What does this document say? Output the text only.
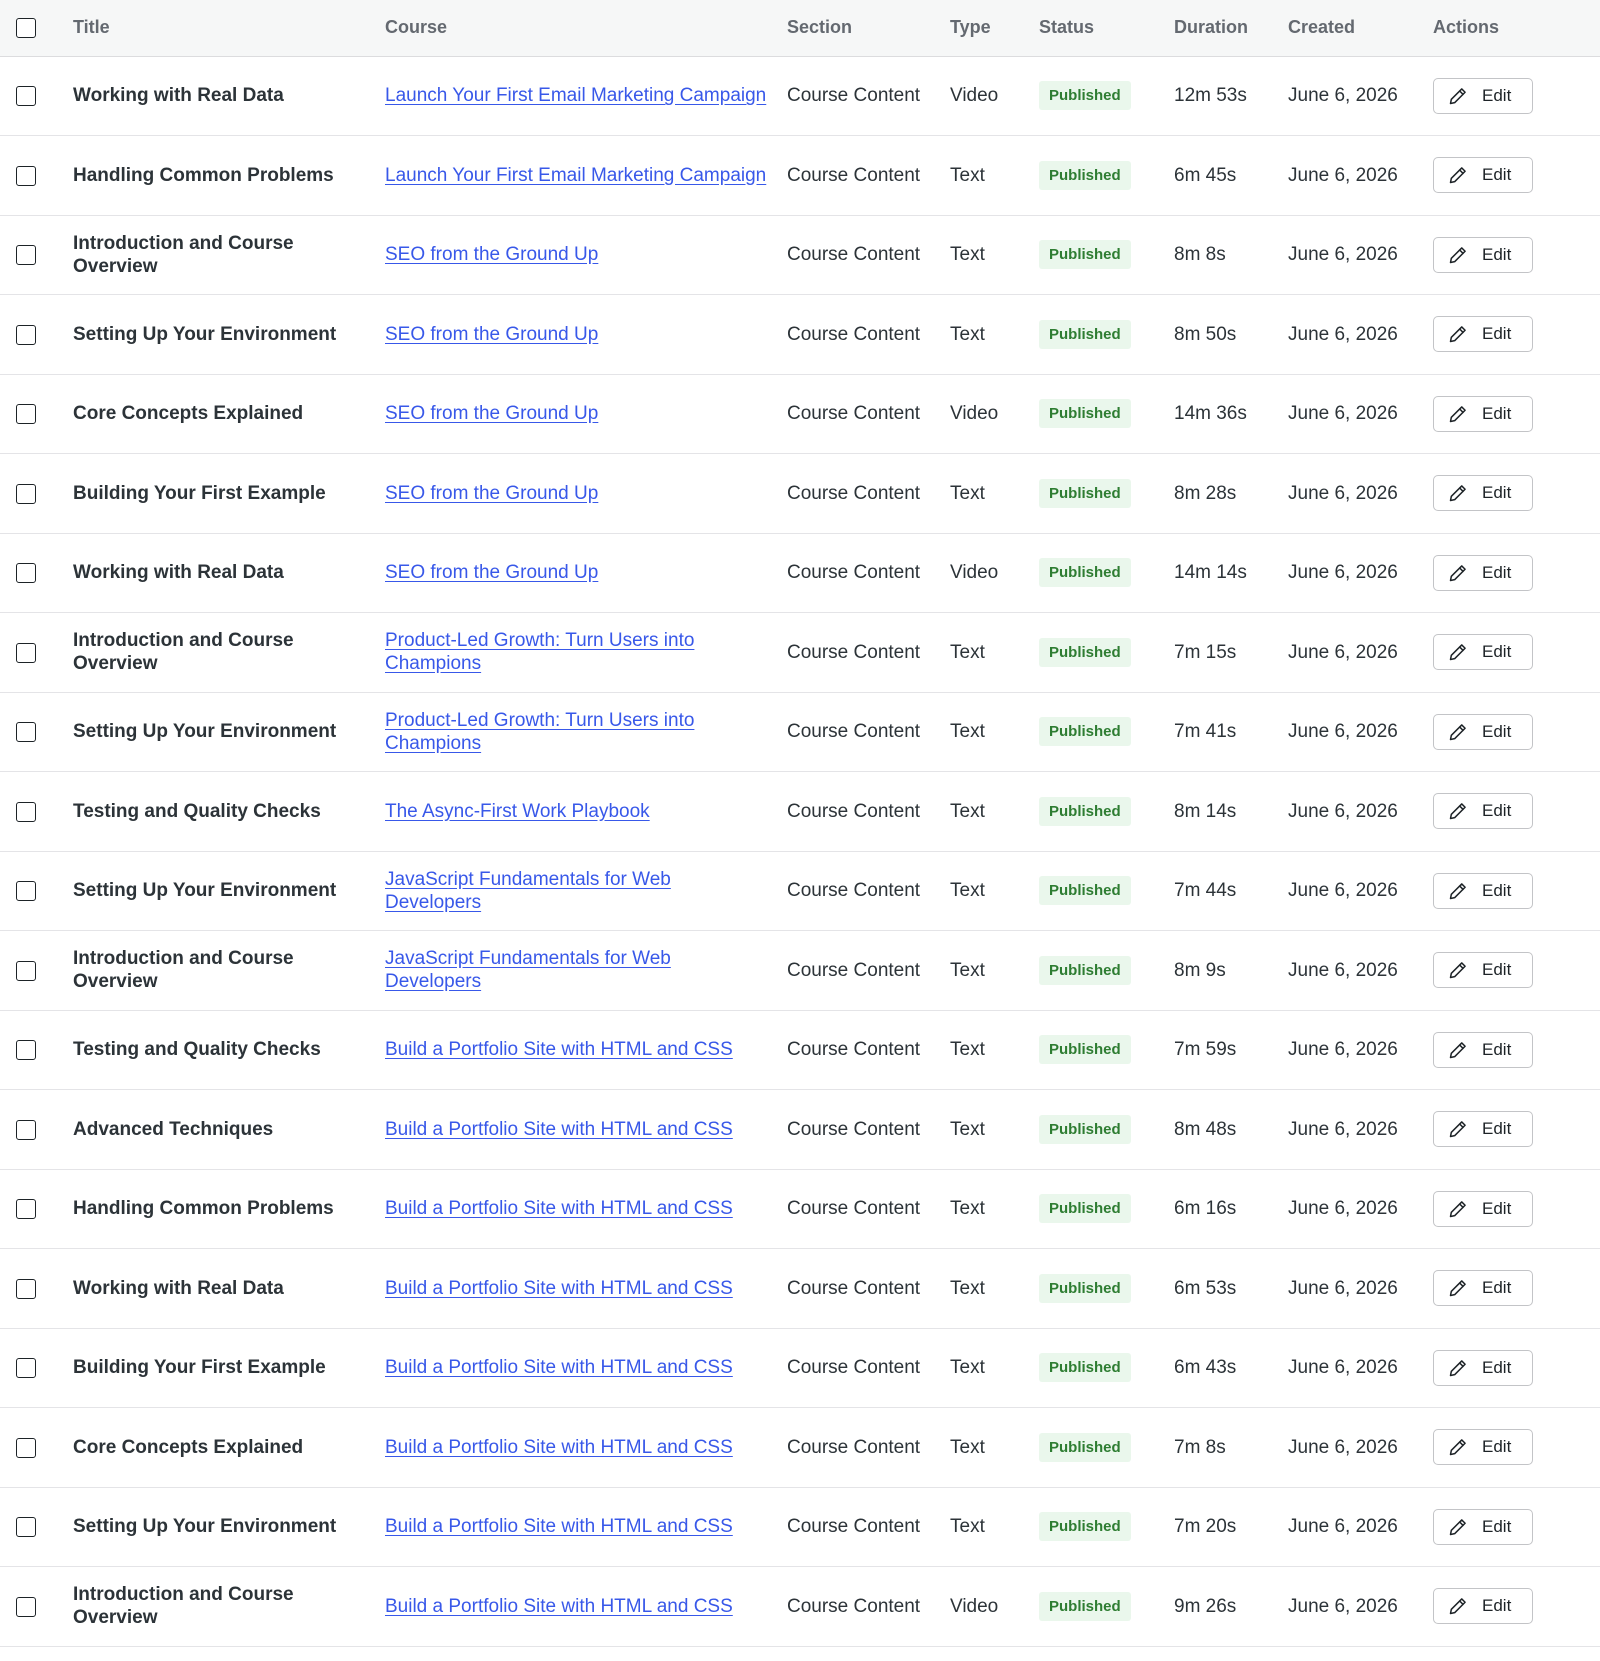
	Title	Course	Section	Type	Status	Duration	Created	Actions
	Working with Real Data	Launch Your First Email Marketing Campaign	Course Content	Video	Published	12m 53s	June 6, 2026	Edit

	Handling Common Problems	Launch Your First Email Marketing Campaign	Course Content	Text	Published	6m 45s	June 6, 2026	Edit

	Introduction and Course Overview	SEO from the Ground Up	Course Content	Text	Published	8m 8s	June 6, 2026	Edit

	Setting Up Your Environment	SEO from the Ground Up	Course Content	Text	Published	8m 50s	June 6, 2026	Edit

	Core Concepts Explained	SEO from the Ground Up	Course Content	Video	Published	14m 36s	June 6, 2026	Edit

	Building Your First Example	SEO from the Ground Up	Course Content	Text	Published	8m 28s	June 6, 2026	Edit

	Working with Real Data	SEO from the Ground Up	Course Content	Video	Published	14m 14s	June 6, 2026	Edit

	Introduction and Course Overview	Product-Led Growth: Turn Users into Champions	Course Content	Text	Published	7m 15s	June 6, 2026	Edit

	Setting Up Your Environment	Product-Led Growth: Turn Users into Champions	Course Content	Text	Published	7m 41s	June 6, 2026	Edit

	Testing and Quality Checks	The Async-First Work Playbook	Course Content	Text	Published	8m 14s	June 6, 2026	Edit

	Setting Up Your Environment	JavaScript Fundamentals for Web Developers	Course Content	Text	Published	7m 44s	June 6, 2026	Edit

	Introduction and Course Overview	JavaScript Fundamentals for Web Developers	Course Content	Text	Published	8m 9s	June 6, 2026	Edit

	Testing and Quality Checks	Build a Portfolio Site with HTML and CSS	Course Content	Text	Published	7m 59s	June 6, 2026	Edit

	Advanced Techniques	Build a Portfolio Site with HTML and CSS	Course Content	Text	Published	8m 48s	June 6, 2026	Edit

	Handling Common Problems	Build a Portfolio Site with HTML and CSS	Course Content	Text	Published	6m 16s	June 6, 2026	Edit

	Working with Real Data	Build a Portfolio Site with HTML and CSS	Course Content	Text	Published	6m 53s	June 6, 2026	Edit

	Building Your First Example	Build a Portfolio Site with HTML and CSS	Course Content	Text	Published	6m 43s	June 6, 2026	Edit

	Core Concepts Explained	Build a Portfolio Site with HTML and CSS	Course Content	Text	Published	7m 8s	June 6, 2026	Edit

	Setting Up Your Environment	Build a Portfolio Site with HTML and CSS	Course Content	Text	Published	7m 20s	June 6, 2026	Edit

	Introduction and Course Overview	Build a Portfolio Site with HTML and CSS	Course Content	Video	Published	9m 26s	June 6, 2026	Edit
